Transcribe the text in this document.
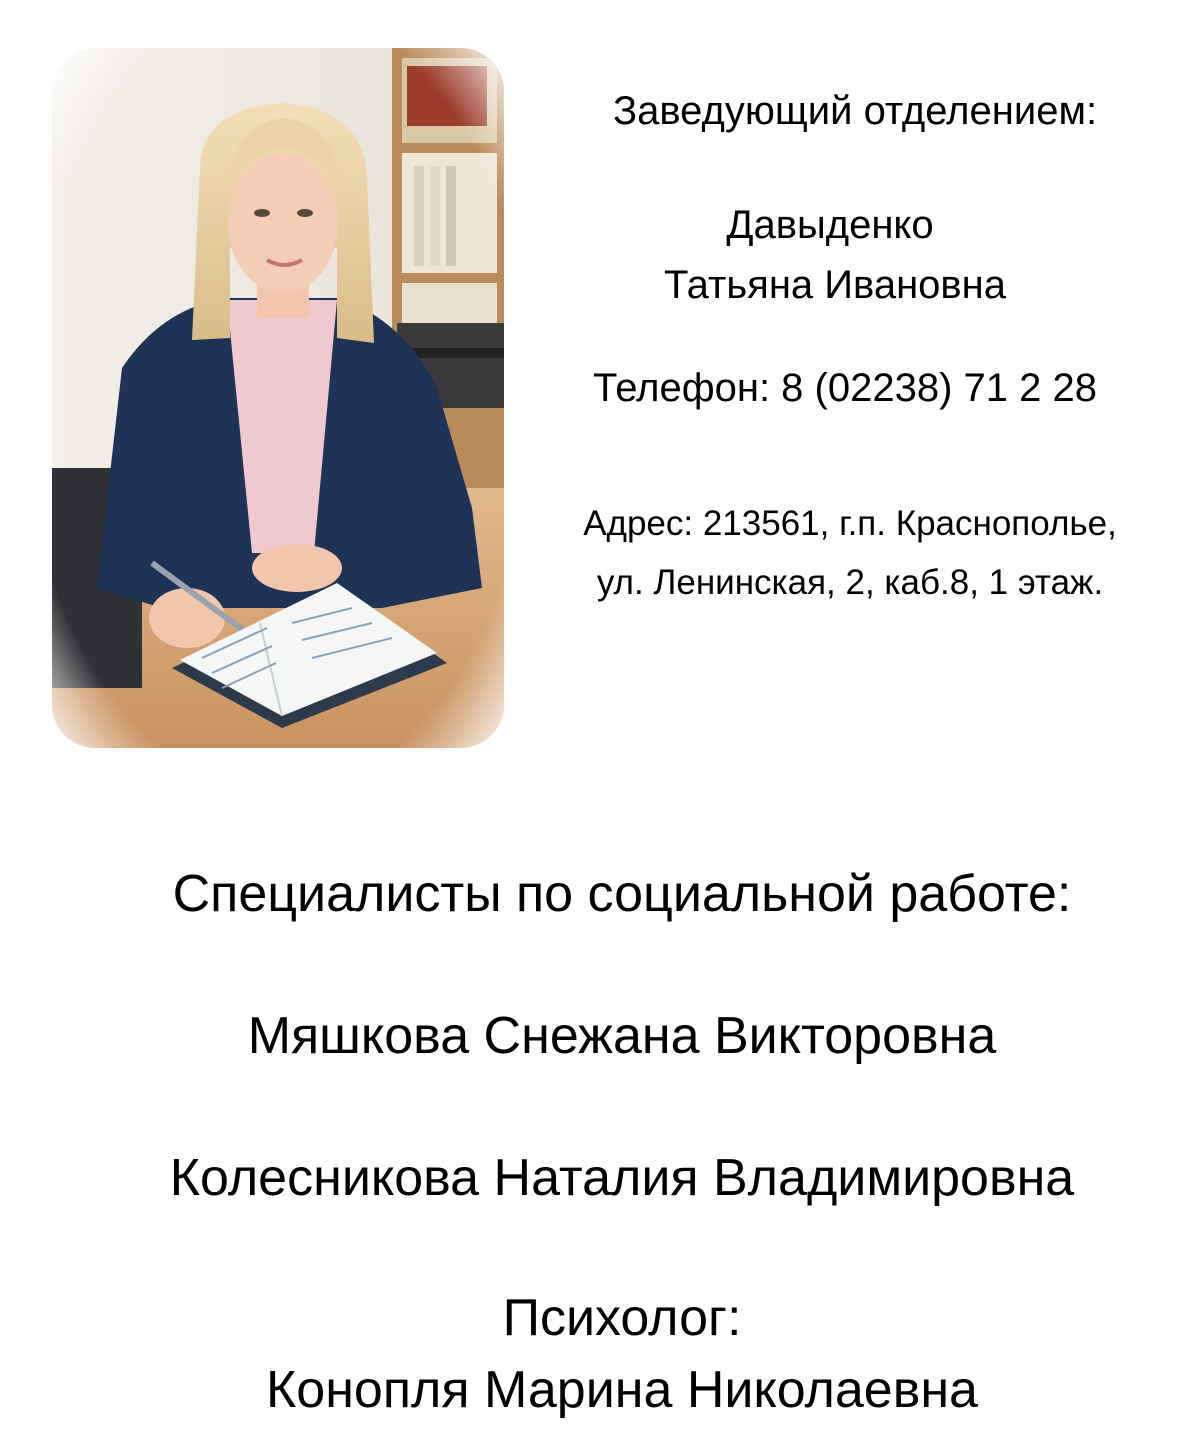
Заведующий отделением:
Давыденко
Татьяна Ивановна
Телефон: 8 (02238) 71 2 28
Адрес: 213561, г.п. Краснополье,
ул. Ленинская, 2, каб.8, 1 этаж.
Специалисты по социальной работе:
Мяшкова Снежана Викторовна
Колесникова Наталия Владимировна
Психолог:
Конопля Марина Николаевна
